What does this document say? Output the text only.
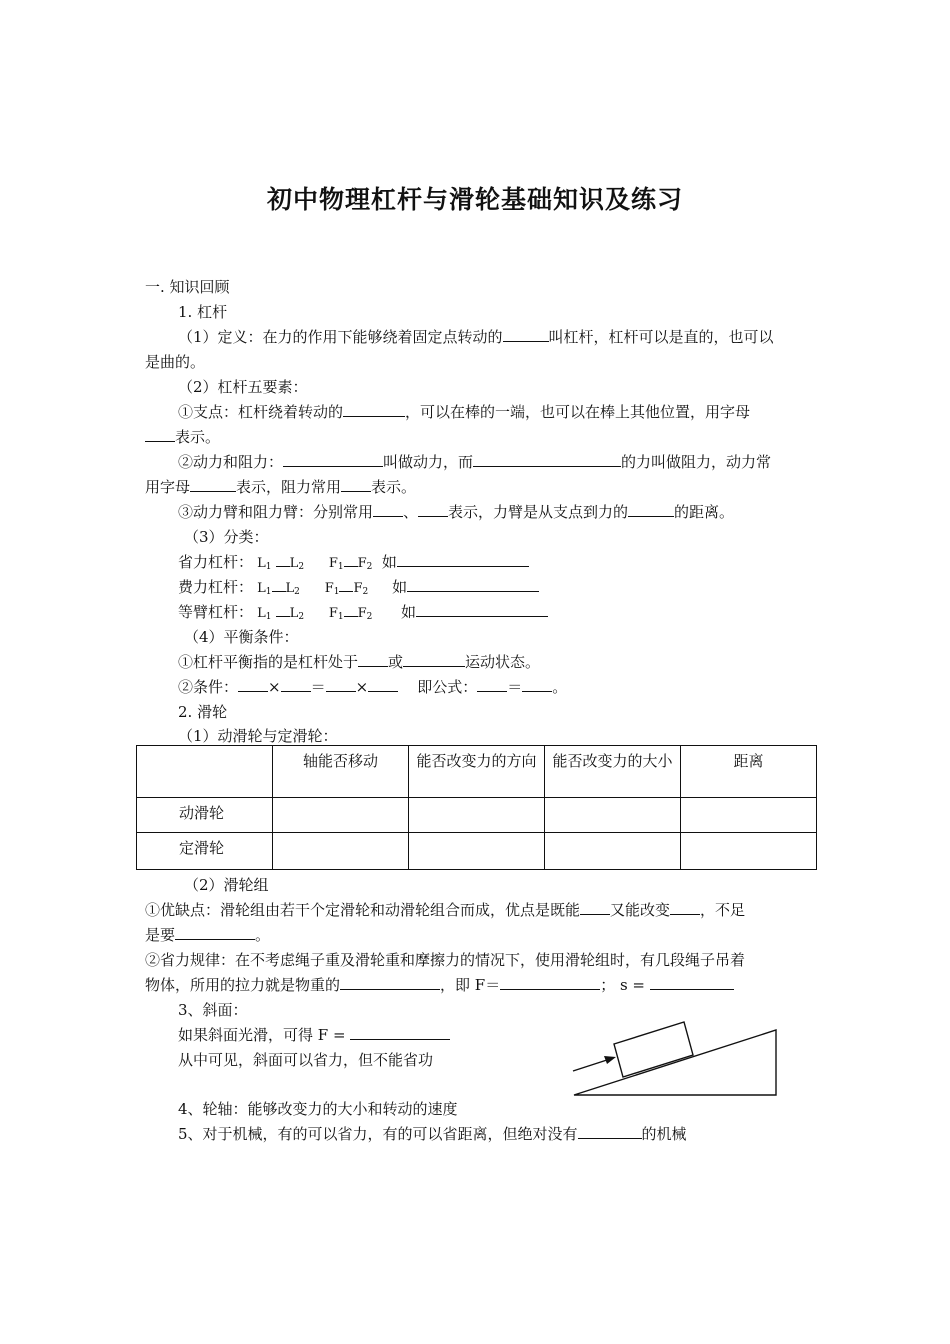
初中物理杠杆与滑轮基础知识及练习
一. 知识回顾
1. 杠杆
（1）定义：在力的作用下能够绕着固定点转动的	叫杠杆，杠杆可以是直的，也可以
是曲的。
（2）杠杆五要素：
①支点：杠杆绕着转动的	，可以在棒的一端，也可以在棒上其他位置，用字母
表示。
②动力和阻力：	叫做动力，而	的力叫做阻力，动力常
用字母	表示，阻力常用 表示。
③动力臂和阻力臂：分别常用 、 表示，力臂是从支点到力的	的距离。
（3）分类：
省力杠杆： $L_1$ $L_2$ $F_1$ $F_2$ 如
费力杠杆： $L_1$ $L_2$ $F_1$ $F_2$ 如
等臂杠杆： $L_1$ $L_2$ $F_1$ $F_2$ 如
（4）平衡条件：
①杠杆平衡指的是杠杆处于 或	运动状态。
②条件： × ＝ ×	即公式： ＝ 。
2. 滑轮
（1）动滑轮与定滑轮：
	轴能否移动	能否改变力的方向	能否改变力的大小	距离
动滑轮				
定滑轮				
（2）滑轮组
①优缺点：滑轮组由若干个定滑轮和动滑轮组合而成，优点是既能 又能改变 ，不足
是要	。
②省力规律：在不考虑绳子重及滑轮重和摩擦力的情况下，使用滑轮组时，有几段绳子吊着
物体，所用的拉力就是物重的	，即 F＝	； s =
3、斜面：
如果斜面光滑，可得 F =
从中可见，斜面可以省力，但不能省功
4、轮轴：能够改变力的大小和转动的速度
5、对于机械，有的可以省力，有的可以省距离，但绝对没有	的机械
